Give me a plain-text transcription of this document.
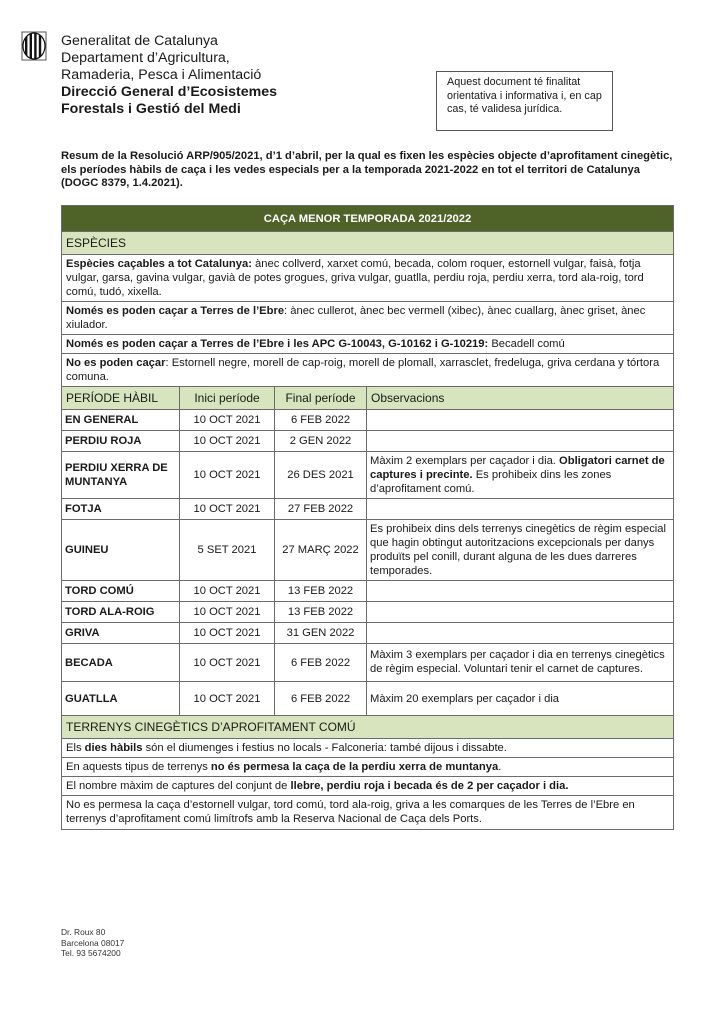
Generalitat de Catalunya
Departament d’Agricultura,
Ramaderia, Pesca i Alimentació
Direcció General d’Ecosistemes
Forestals i Gestió del Medi
Aquest document té finalitat orientativa i informativa i, en cap cas, té validesa jurídica.
Resum de la Resolució ARP/905/2021, d’1 d’abril, per la qual es fixen les espècies objecte d’aprofitament cinegètic, els períodes hàbils de caça i les vedes especials per a la temporada 2021-2022 en tot el territori de Catalunya (DOGC 8379, 1.4.2021).
CAÇA MENOR TEMPORADA 2021/2022			
ESPÈCIES			
Espècies caçables a tot Catalunya: ànec collverd, xarxet comú, becada, colom roquer, estornell vulgar, faisà, fotja vulgar, garsa, gavina vulgar, gavià de potes grogues, griva vulgar, guatlla, perdiu roja, perdiu xerra, tord ala-roig, tord comú, tudó, xixella.			
Només es poden caçar a Terres de l’Ebre: ànec cullerot, ànec bec vermell (xibec), ànec cuallarg, ànec griset, ànec xiulador.			
Només es poden caçar a Terres de l’Ebre i les APC G-10043, G-10162 i G-10219: Becadell comú			
No es poden caçar: Estornell negre, morell de cap-roig, morell de plomall, xarrasclet, fredeluga, griva cerdana y tórtora comuna.			
PERÍODE HÀBIL	Inici període	Final període	Observacions
EN GENERAL	10 OCT 2021	6 FEB 2022	
PERDIU ROJA	10 OCT 2021	2 GEN 2022	
PERDIU XERRA DE MUNTANYA	10 OCT 2021	26 DES 2021	Màxim 2 exemplars per caçador i dia. Obligatori carnet de captures i precinte. Es prohibeix dins les zones d’aprofitament comú.
FOTJA	10 OCT 2021	27 FEB 2022	
GUINEU	5 SET 2021	27 MARÇ 2022	Es prohibeix dins dels terrenys cinegètics de règim especial que hagin obtingut autoritzacions excepcionals per danys produïts pel conill, durant alguna de les dues darreres temporades.
TORD COMÚ	10 OCT 2021	13 FEB 2022	
TORD ALA-ROIG	10 OCT 2021	13 FEB 2022	
GRIVA	10 OCT 2021	31 GEN 2022	
BECADA	10 OCT 2021	6 FEB 2022	Màxim 3 exemplars per caçador i dia en terrenys cinegètics de règim especial. Voluntari tenir el carnet de captures.
GUATLLA	10 OCT 2021	6 FEB 2022	Màxim 20 exemplars per caçador i dia
TERRENYS CINEGÈTICS D’APROFITAMENT COMÚ			
Els dies hàbils són el diumenges i festius no locals - Falconeria: també dijous i dissabte.			
En aquests tipus de terrenys no és permesa la caça de la perdiu xerra de muntanya.			
El nombre màxim de captures del conjunt de llebre, perdiu roja i becada és de 2 per caçador i dia.			
No es permesa la caça d’estornell vulgar, tord comú, tord ala-roig, griva a les comarques de les Terres de l’Ebre en terrenys d’aprofitament comú limítrofs amb la Reserva Nacional de Caça dels Ports.			
Dr. Roux 80
Barcelona 08017
Tel. 93 5674200
